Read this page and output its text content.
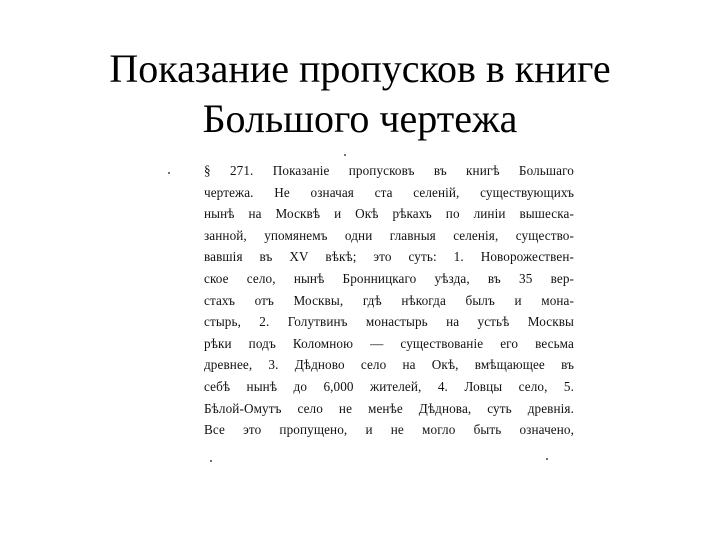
Показание пропусков в книге
Большого чертежа
§ 271. Показаніе пропусковъ въ книгѣ Большаго
чертежа. Не означая ста селеній, существующихъ
нынѣ на Москвѣ и Окѣ рѣкахъ по линіи вышеска-
занной, упомянемъ одни главныя селенія, существо-
вавшія въ XV вѣкѣ; это суть: 1. Новорожествен-
ское село, нынѣ Бронницкаго уѣзда, въ 35 вер-
стахъ отъ Москвы, гдѣ нѣкогда былъ и мона-
стырь, 2. Голутвинъ монастырь на устьѣ Москвы
рѣки подъ Коломною — существованіе его весьма
древнее, 3. Дѣдново село на Окѣ, вмѣщающее въ
себѣ нынѣ до 6,000 жителей, 4. Ловцы село, 5.
Бѣлой-Омутъ село не менѣе Дѣднова, суть древнія.
Все это пропущено, и не могло быть означено,
